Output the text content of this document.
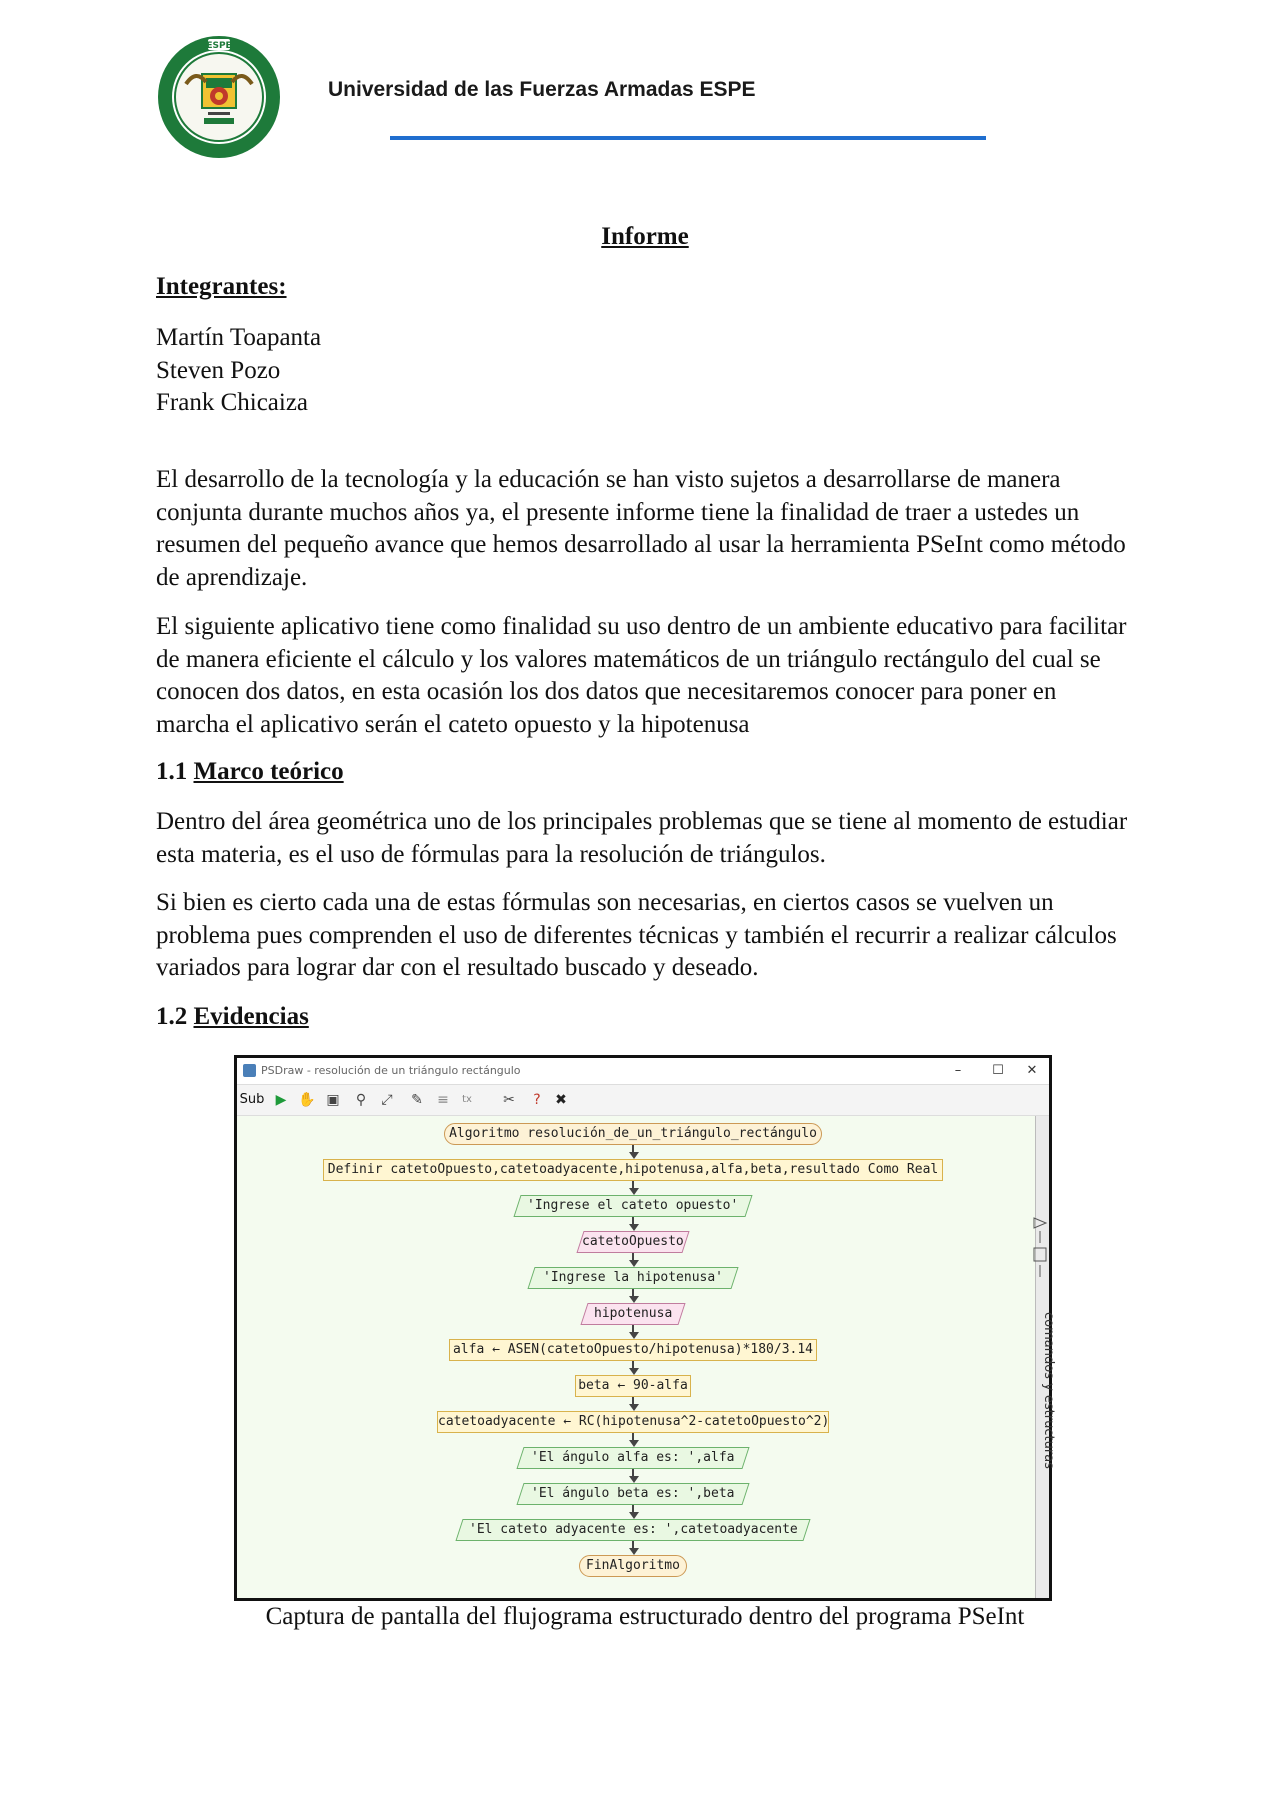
ESPE
Universidad de las Fuerzas Armadas ESPE
Informe
Integrantes:
Martín Toapanta
Steven Pozo
Frank Chicaiza

El desarrollo de la tecnología y la educación se han visto sujetos a desarrollarse de manera conjunta durante muchos años ya, el presente informe tiene la finalidad de traer a ustedes un resumen del pequeño avance que hemos desarrollado al usar la herramienta PSeInt como método de aprendizaje.

El siguiente aplicativo tiene como finalidad su uso dentro de un ambiente educativo para facilitar de manera eficiente el cálculo y los valores matemáticos de un triángulo rectángulo del cual se conocen dos datos, en esta ocasión los dos datos que necesitaremos conocer para poner en marcha el aplicativo serán el cateto opuesto y la hipotenusa

1.1 Marco teórico

Dentro del área geométrica uno de los principales problemas que se tiene al momento de estudiar esta materia, es el uso de fórmulas para la resolución de triángulos.

Si bien es cierto cada una de estas fórmulas son necesarias, en ciertos casos se vuelven un problema pues comprenden el uso de diferentes técnicas y también el recurrir a realizar cálculos variados para lograr dar con el resultado buscado y deseado.

1.2 Evidencias
PSDraw - resolución de un triángulo rectángulo	–	☐	✕
Sub ▶ ✋ ▣	⚲	⤢	✎ ≡	tx	✂	?	✖
comandos y estructuras
Algoritmo resolución_de_un_triángulo_rectángulo
Definir catetoOpuesto,catetoadyacente,hipotenusa,alfa,beta,resultado Como Real
'Ingrese el cateto opuesto'
catetoOpuesto
'Ingrese la hipotenusa'
hipotenusa
alfa ← ASEN(catetoOpuesto/hipotenusa)*180/3.14
beta ← 90-alfa
catetoadyacente ← RC(hipotenusa^2-catetoOpuesto^2)
'El ángulo alfa es: ',alfa
'El ángulo beta es: ',beta
'El cateto adyacente es: ',catetoadyacente
FinAlgoritmo
Captura de pantalla del flujograma estructurado dentro del programa PSeInt
